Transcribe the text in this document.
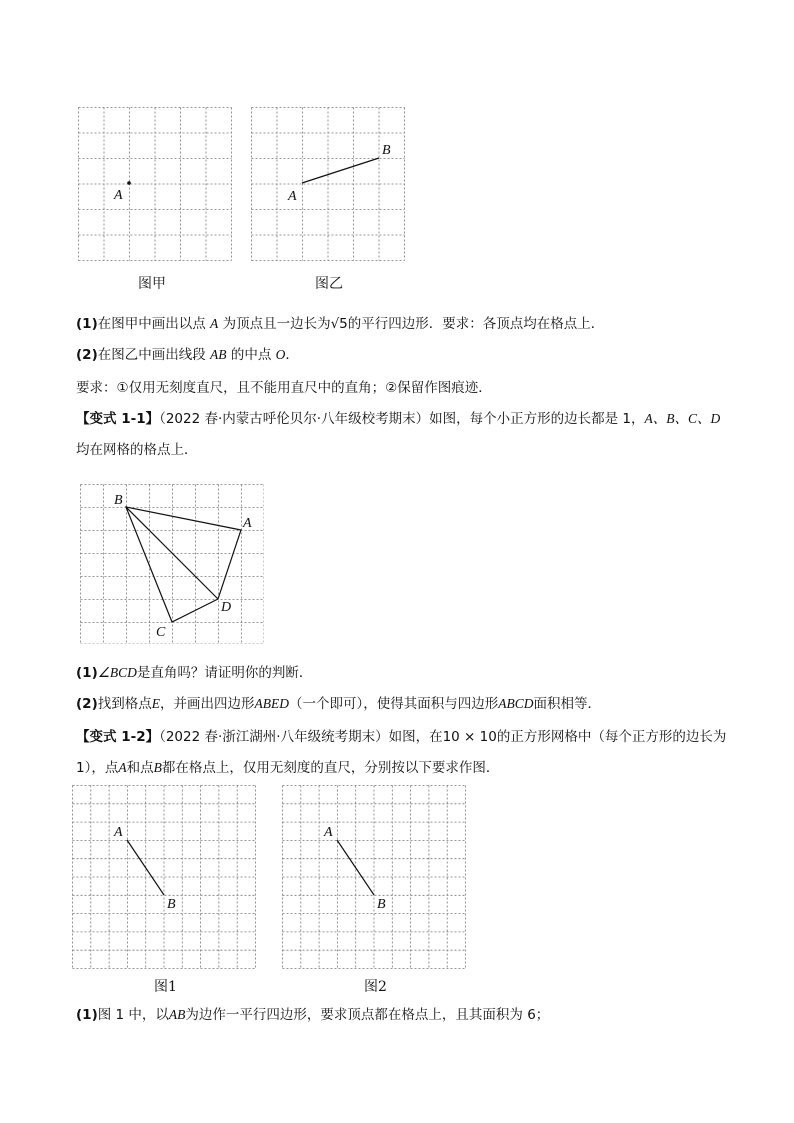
A
图甲
A
B
图乙
(1)在图甲中画出以点 A 为顶点且一边长为√5的平行四边形．要求：各顶点均在格点上．
(2)在图乙中画出线段 AB 的中点 O．
要求：①仅用无刻度直尺，且不能用直尺中的直角；②保留作图痕迹．
【变式 1-1】（2022 春·内蒙古呼伦贝尔·八年级校考期末）如图，每个小正方形的边长都是 1，A、B、C、D
均在网格的格点上．
B
A
D
C
(1)∠BCD是直角吗？请证明你的判断．
(2)找到格点E，并画出四边形ABED（一个即可），使得其面积与四边形ABCD面积相等．
【变式 1-2】（2022 春·浙江湖州·八年级统考期末）如图，在10 × 10的正方形网格中（每个正方形的边长为
1），点A和点B都在格点上，仅用无刻度的直尺，分别按以下要求作图．
A
B
图1
A
B
图2
(1)图 1 中，以AB为边作一平行四边形，要求顶点都在格点上，且其面积为 6；
